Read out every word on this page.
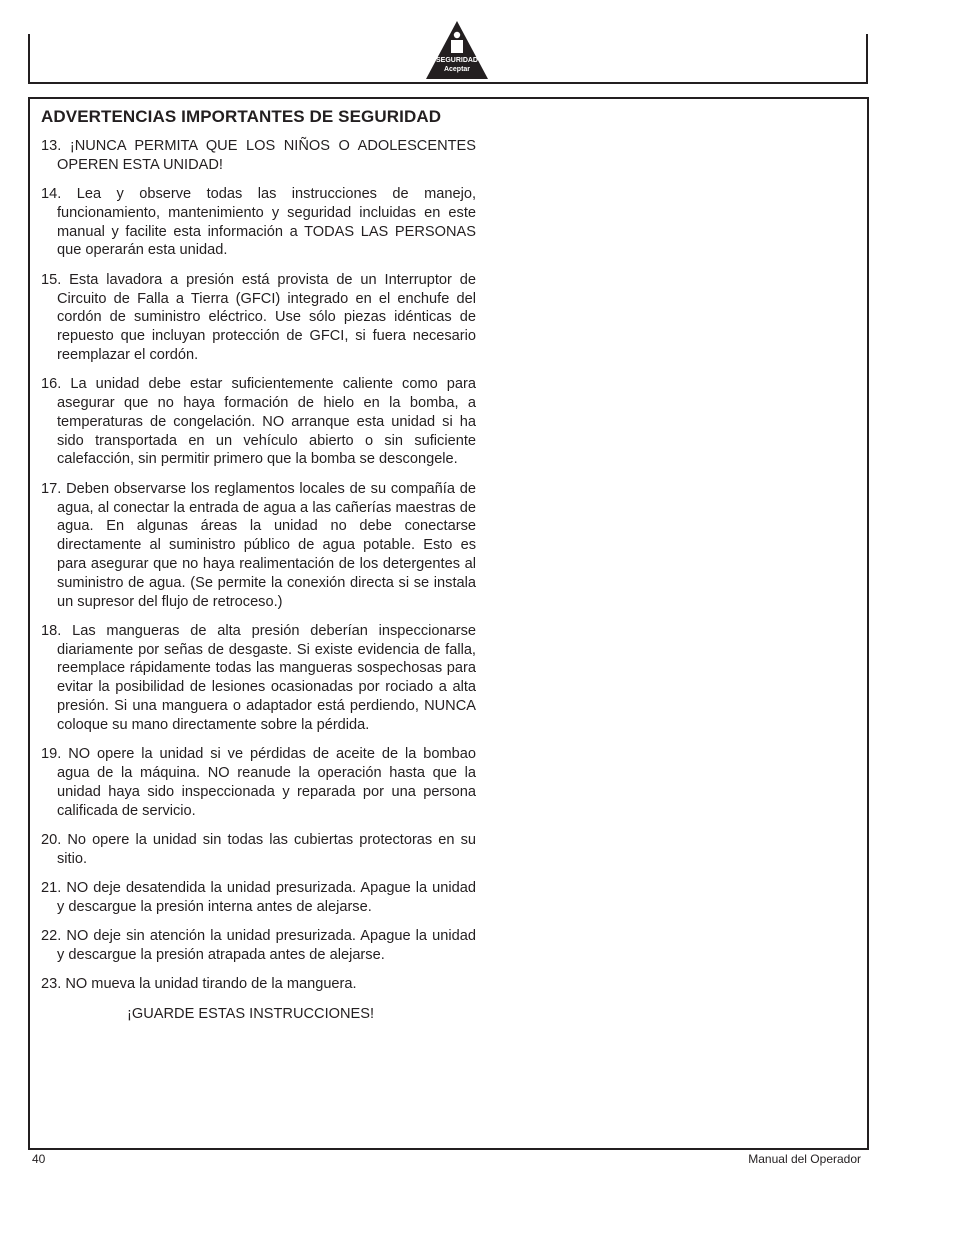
SEGURIDAD
Aceptar
ADVERTENCIAS IMPORTANTES DE SEGURIDAD
13. ¡NUNCA PERMITA QUE LOS NIÑOS O ADOLESCENTES OPEREN ESTA UNIDAD!
14. Lea y observe todas las instrucciones de manejo, funcionamiento, mantenimiento y seguridad incluidas en este manual y facilite esta información a TODAS LAS PERSONAS que operarán esta unidad.
15. Esta lavadora a presión está provista de un Interruptor de Circuito de Falla a Tierra (GFCI) integrado en el enchufe del cordón de suministro eléctrico. Use sólo piezas idénticas de repuesto que incluyan protección de GFCI, si fuera necesario reemplazar el cordón.
16. La unidad debe estar suficientemente caliente como para asegurar que no haya formación de hielo en la bomba, a temperaturas de congelación. NO arranque esta unidad si ha sido transportada en un vehículo abierto o sin suficiente calefacción, sin permitir primero que la bomba se descongele.
17. Deben observarse los reglamentos locales de su compañía de agua, al conectar la entrada de agua a las cañerías maestras de agua. En algunas áreas la unidad no debe conectarse directamente al suministro público de agua potable. Esto es para asegurar que no haya realimentación de los detergentes al suministro de agua. (Se permite la conexión directa si se instala un supresor del flujo de retroceso.)
18. Las mangueras de alta presión deberían inspeccionarse diariamente por señas de desgaste. Si existe evidencia de falla, reemplace rápidamente todas las mangueras sospechosas para evitar la posibilidad de lesiones ocasionadas por rociado a alta presión. Si una manguera o adaptador está perdiendo, NUNCA coloque su mano directamente sobre la pérdida.
19. NO opere la unidad si ve pérdidas de aceite de la bombao agua de la máquina. NO reanude la operación hasta que la unidad haya sido inspeccionada y reparada por una persona calificada de servicio.
20. No opere la unidad sin todas las cubiertas protectoras en su sitio.
21. NO deje desatendida la unidad presurizada. Apague la unidad y descargue la presión interna antes de alejarse.
22. NO deje sin atención la unidad presurizada. Apague la unidad y descargue la presión atrapada antes de alejarse.
23. NO mueva la unidad tirando de la manguera.
¡GUARDE ESTAS INSTRUCCIONES!
40	Manual del Operador
